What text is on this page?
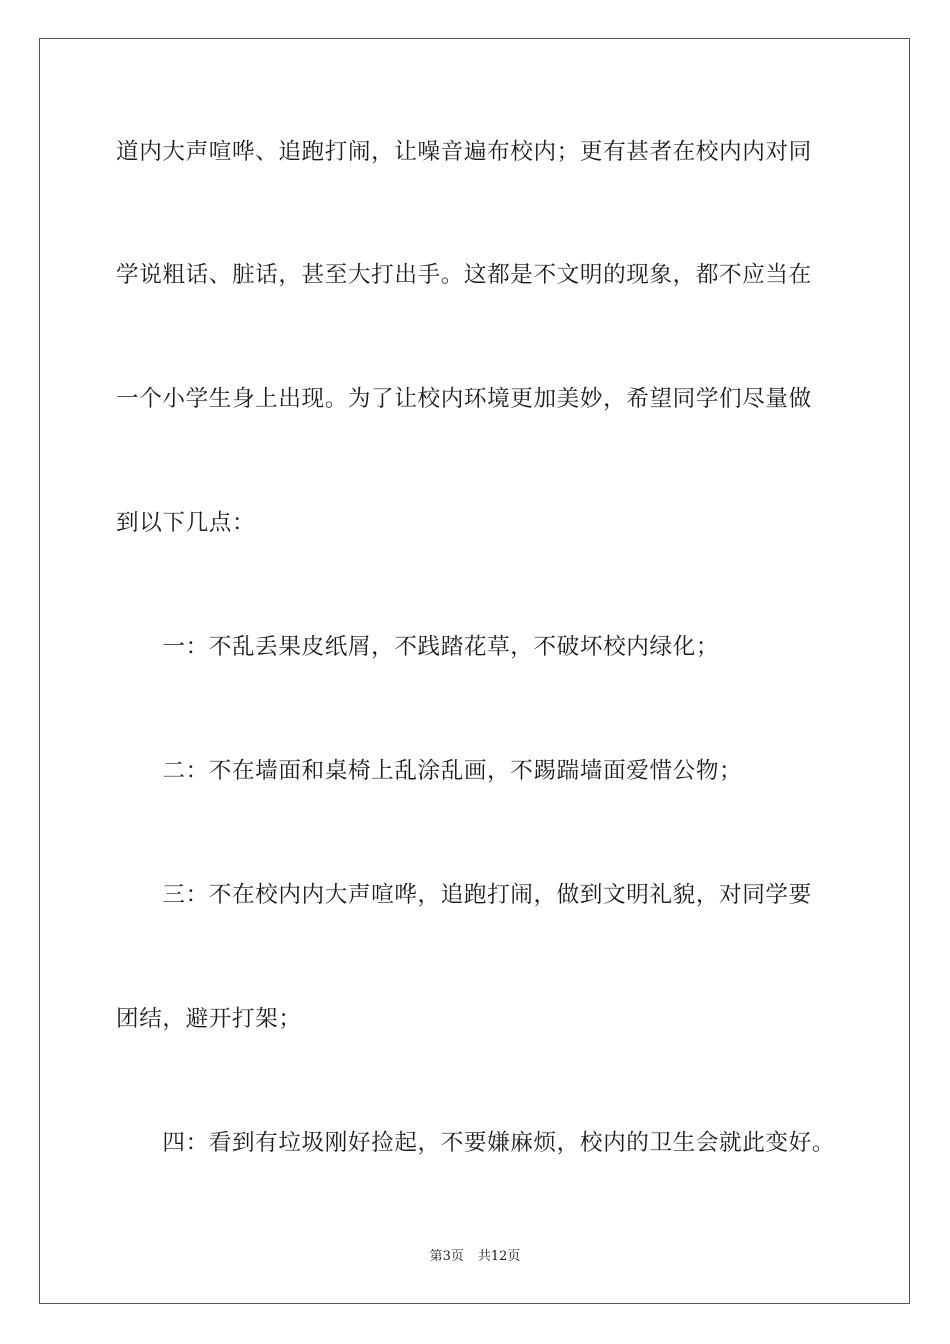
道内大声喧哗、追跑打闹，让噪音遍布校内；更有甚者在校内内对同

学说粗话、脏话，甚至大打出手。这都是不文明的现象，都不应当在

一个小学生身上出现。为了让校内环境更加美妙，希望同学们尽量做

到以下几点：

　　一：不乱丢果皮纸屑，不践踏花草，不破坏校内绿化；

　　二：不在墙面和桌椅上乱涂乱画，不踢踹墙面爱惜公物；

　　三：不在校内内大声喧哗，追跑打闹，做到文明礼貌，对同学要

团结，避开打架；

　　四：看到有垃圾刚好捡起，不要嫌麻烦，校内的卫生会就此变好。

第3页 共12页
